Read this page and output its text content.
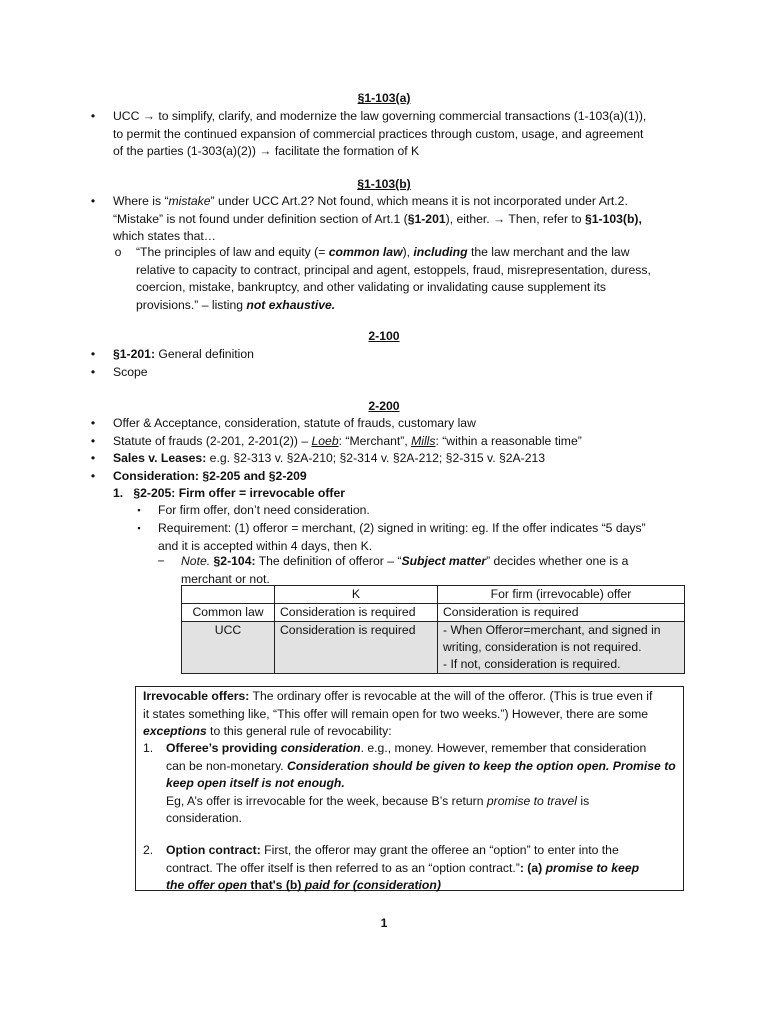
§1-103(a)
• UCC → to simplify, clarify, and modernize the law governing commercial transactions (1-103(a)(1)),
to permit the continued expansion of commercial practices through custom, usage, and agreement
of the parties (1-303(a)(2)) → facilitate the formation of K

§1-103(b)
• Where is “mistake” under UCC Art.2? Not found, which means it is not incorporated under Art.2.
“Mistake” is not found under definition section of Art.1 (§1-201), either. → Then, refer to §1-103(b),
which states that…

o “The principles of law and equity (= common law), including the law merchant and the law
relative to capacity to contract, principal and agent, estoppels, fraud, misrepresentation, duress,
coercion, mistake, bankruptcy, and other validating or invalidating cause supplement its
provisions.” – listing not exhaustive.

2-100
• §1-201: General definition

• Scope

2-200
• Offer & Acceptance, consideration, statute of frauds, customary law

• Statute of frauds (2-201, 2-201(2)) – Loeb: “Merchant”, Mills: “within a reasonable time”

• Sales v. Leases: e.g. §2-313 v. §2A-210; §2-314 v. §2A-212; §2-315 v. §2A-213

• Consideration: §2-205 and §2-209

1.   §2-205: Firm offer = irrevocable offer

▪ For firm offer, don’t need consideration.

▪ Requirement: (1) offeror = merchant, (2) signed in writing: eg. If the offer indicates “5 days”
and it is accepted within 4 days, then K.

− Note. §2-104: The definition of offeror – “Subject matter” decides whether one is a
merchant or not.

	K	For firm (irrevocable) offer
Common law	Consideration is required	Consideration is required
UCC	Consideration is required	- When Offeror=merchant, and signed in
writing, consideration is not required.
- If not, consideration is required.

Irrevocable offers: The ordinary offer is revocable at the will of the offeror. (This is true even if
it states something like, “This offer will remain open for two weeks.”) However, there are some
exceptions to this general rule of revocability:

1. Offeree’s providing consideration. e.g., money. However, remember that consideration
can be non-monetary. Consideration should be given to keep the option open. Promise to
keep open itself is not enough.
Eg, A’s offer is irrevocable for the week, because B’s return promise to travel is
consideration.

2. Option contract: First, the offeror may grant the offeree an “option” to enter into the
contract. The offer itself is then referred to as an “option contract.”: (a) promise to keep
the offer open that's (b) paid for (consideration)

1
